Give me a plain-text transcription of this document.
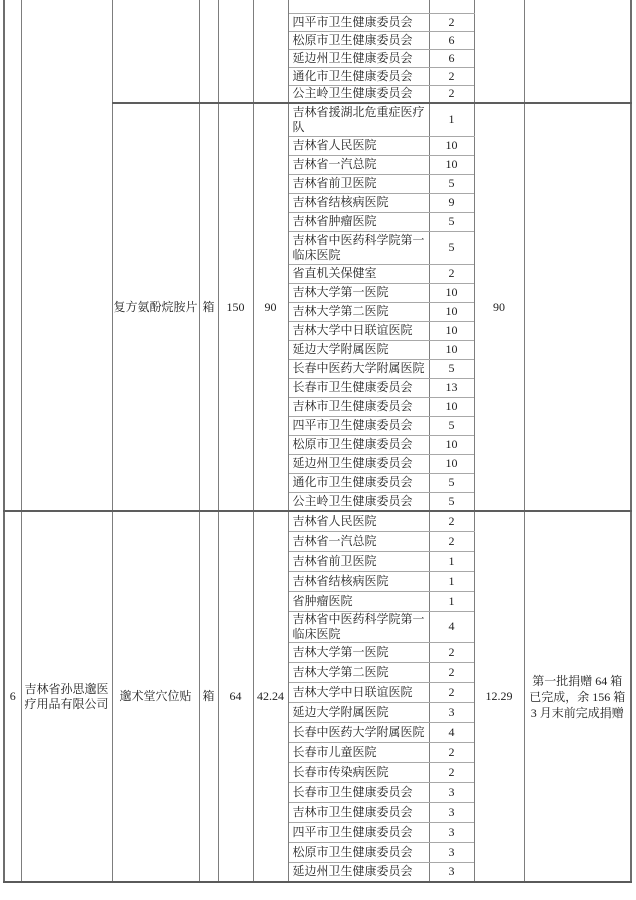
						四平市卫生健康委员会	2		
						松原市卫生健康委员会	6		
						延边州卫生健康委员会	6		
						通化市卫生健康委员会	2		
						公主岭卫生健康委员会	2		
		复方氨酚烷胺片	箱	150	90	吉林省援湖北危重症医疗队	1	90	
						吉林省人民医院	10		
						吉林省一汽总院	10		
						吉林省前卫医院	5		
						吉林省结核病医院	9		
						吉林省肿瘤医院	5		
						吉林省中医药科学院第一临床医院	5		
						省直机关保健室	2		
						吉林大学第一医院	10		
						吉林大学第二医院	10		
						吉林大学中日联谊医院	10		
						延边大学附属医院	10		
						长春中医药大学附属医院	5		
						长春市卫生健康委员会	13		
						吉林市卫生健康委员会	10		
						四平市卫生健康委员会	5		
						松原市卫生健康委员会	10		
						延边州卫生健康委员会	10		
						通化市卫生健康委员会	5		
						公主岭卫生健康委员会	5		
6	吉林省孙思邈医疗用品有限公司	邈术堂穴位贴	箱	64	42.24	吉林省人民医院	2	12.29	第一批捐赠 64 箱已完成，余 156 箱 3 月末前完成捐赠
						吉林省一汽总院	2		
						吉林省前卫医院	1		
						吉林省结核病医院	1		
						省肿瘤医院	1		
						吉林省中医药科学院第一临床医院	4		
						吉林大学第一医院	2		
						吉林大学第二医院	2		
						吉林大学中日联谊医院	2		
						延边大学附属医院	3		
						长春中医药大学附属医院	4		
						长春市儿童医院	2		
						长春市传染病医院	2		
						长春市卫生健康委员会	3		
						吉林市卫生健康委员会	3		
						四平市卫生健康委员会	3		
						松原市卫生健康委员会	3		
						延边州卫生健康委员会	3		
